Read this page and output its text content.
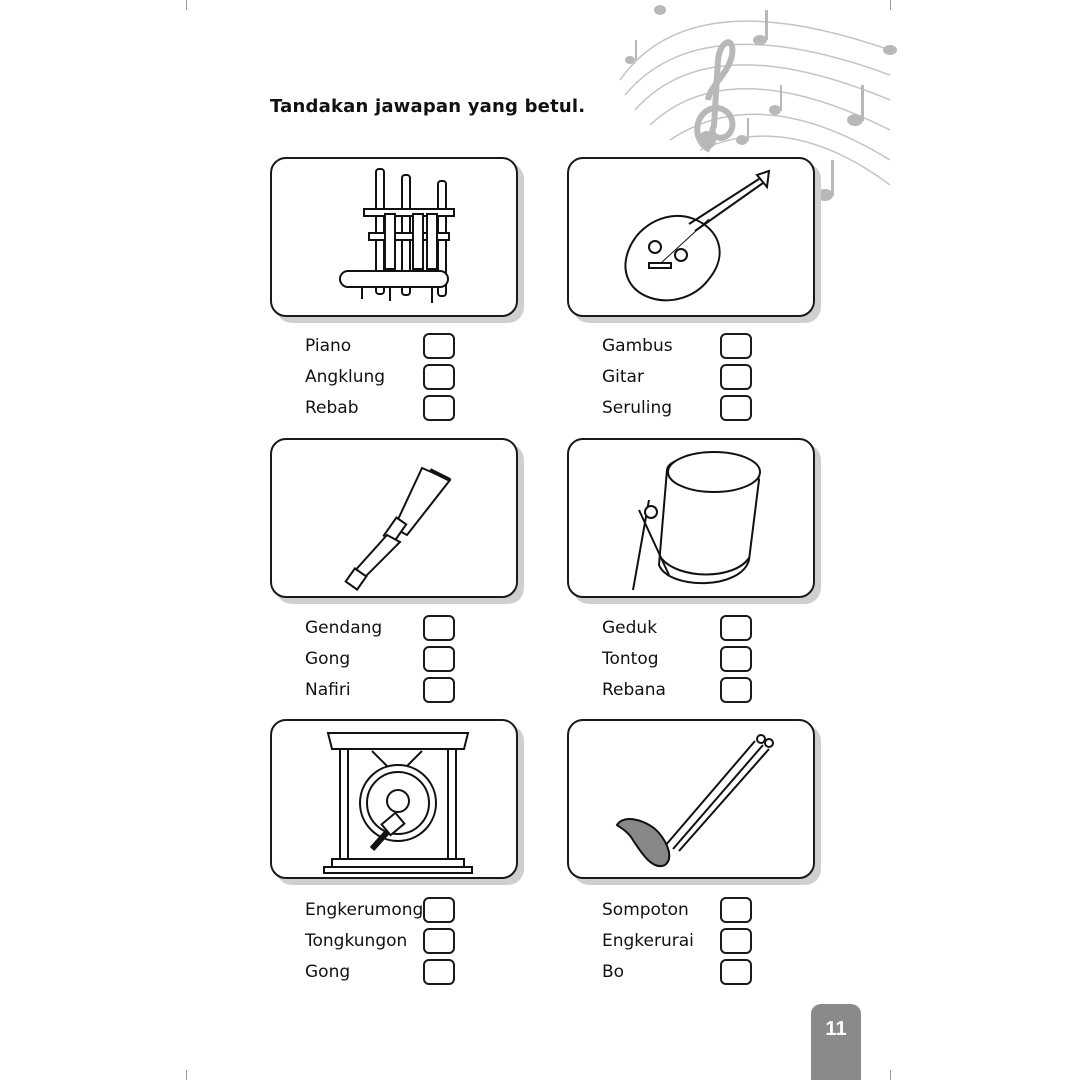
Tandakan jawapan yang betul.
Piano
Angklung
Rebab
Gambus
Gitar
Seruling
Gendang
Gong
Nafiri
Geduk
Tontog
Rebana
Engkerumong
Tongkungon
Gong
Sompoton
Engkerurai
Bo
11
